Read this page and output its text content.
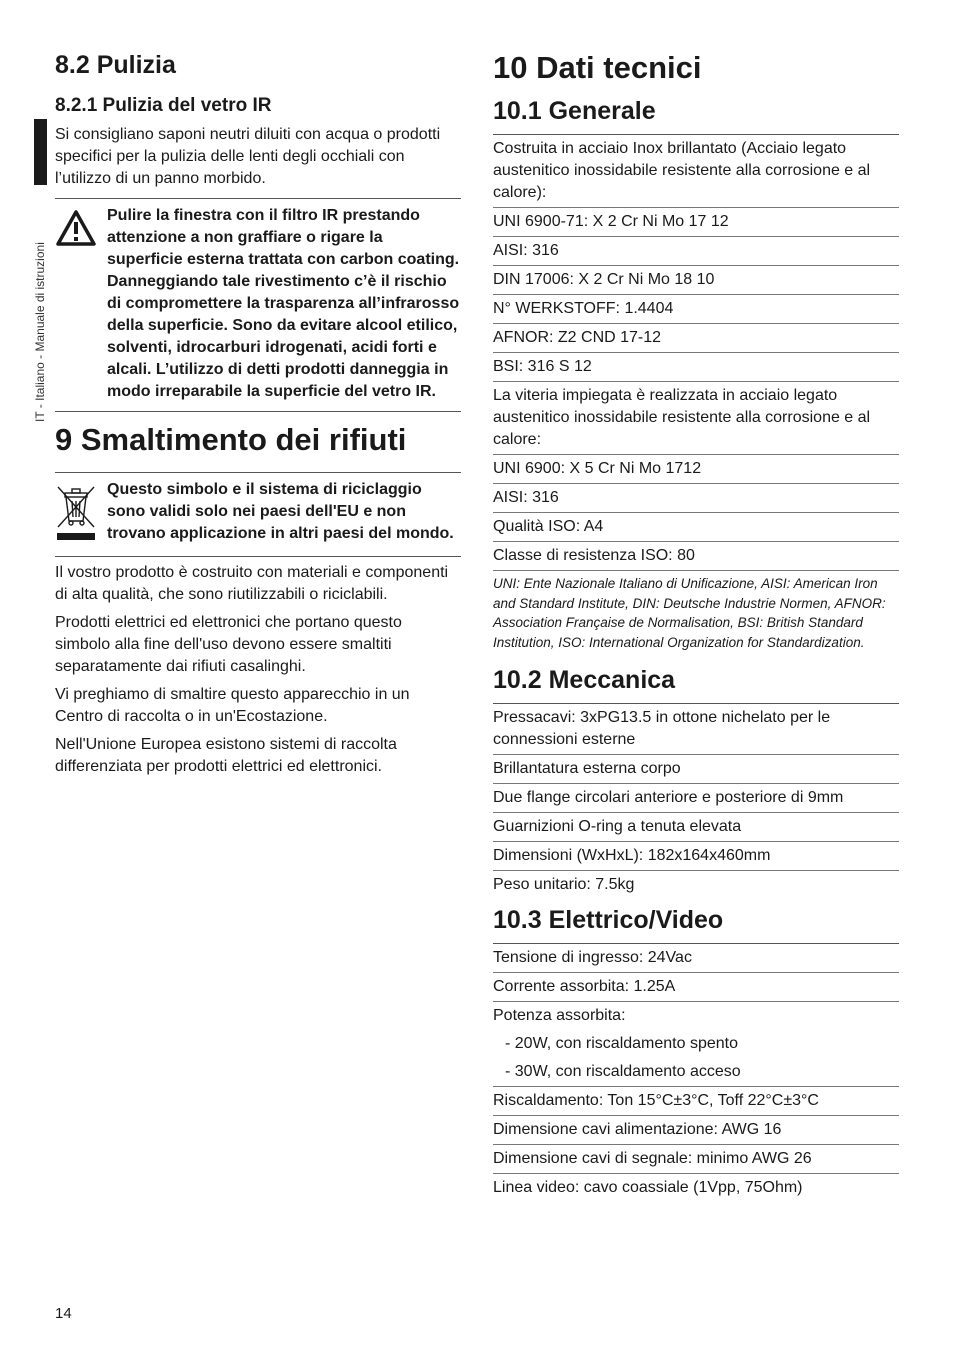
IT - Italiano - Manuale di istruzioni
8.2 Pulizia
8.2.1 Pulizia del vetro IR
Si consigliano saponi neutri diluiti con acqua o prodotti specifici per la pulizia delle lenti degli occhiali con l’utilizzo di un panno morbido.
Pulire la finestra con il filtro IR prestando attenzione a non graffiare o rigare la superficie esterna trattata con carbon coating. Danneggiando tale rivestimento c’è il rischio di compromettere la trasparenza all’infrarosso della superficie. Sono da evitare alcool etilico, solventi, idrocarburi idrogenati, acidi forti e alcali. L’utilizzo di detti prodotti danneggia in modo irreparabile la superficie del vetro IR.
9 Smaltimento dei rifiuti
Questo simbolo e il sistema di riciclaggio sono validi solo nei paesi dell'EU e non trovano applicazione in altri paesi del mondo.
Il vostro prodotto è costruito con materiali e componenti di alta qualità, che sono riutilizzabili o riciclabili.
Prodotti elettrici ed elettronici che portano questo simbolo alla fine dell'uso devono essere smaltiti separatamente dai rifiuti casalinghi.
Vi preghiamo di smaltire questo apparecchio in un Centro di raccolta o in un'Ecostazione.
Nell'Unione Europea esistono sistemi di raccolta differenziata per prodotti elettrici ed elettronici.
10 Dati tecnici
10.1 Generale
Costruita in acciaio Inox brillantato (Acciaio legato austenitico inossidabile resistente alla corrosione e al calore):
UNI 6900-71: X 2 Cr Ni Mo 17 12
AISI: 316
DIN 17006: X 2 Cr Ni Mo 18 10
N° WERKSTOFF: 1.4404
AFNOR: Z2 CND 17-12
BSI: 316 S 12
La viteria impiegata è realizzata in acciaio legato austenitico inossidabile resistente alla corrosione e al calore:
UNI 6900: X 5 Cr Ni Mo 1712
AISI: 316
Qualità ISO: A4
Classe di resistenza ISO: 80
UNI: Ente Nazionale Italiano di Unificazione, AISI: American Iron and Standard Institute, DIN: Deutsche Industrie Normen, AFNOR: Association Française de Normalisation, BSI: British Standard Institution, ISO: International Organization for Standardization.
10.2 Meccanica
Pressacavi: 3xPG13.5 in ottone nichelato per le connessioni esterne
Brillantatura esterna corpo
Due flange circolari anteriore e posteriore di 9mm
Guarnizioni O-ring a tenuta elevata
Dimensioni (WxHxL): 182x164x460mm
Peso unitario: 7.5kg
10.3 Elettrico/Video
Tensione di ingresso: 24Vac
Corrente assorbita: 1.25A
Potenza assorbita:
- 20W, con riscaldamento spento
- 30W, con riscaldamento acceso
Riscaldamento: Ton 15°C±3°C, Toff 22°C±3°C
Dimensione cavi alimentazione: AWG 16
Dimensione cavi di segnale: minimo AWG 26
Linea video: cavo coassiale (1Vpp, 75Ohm)
14
